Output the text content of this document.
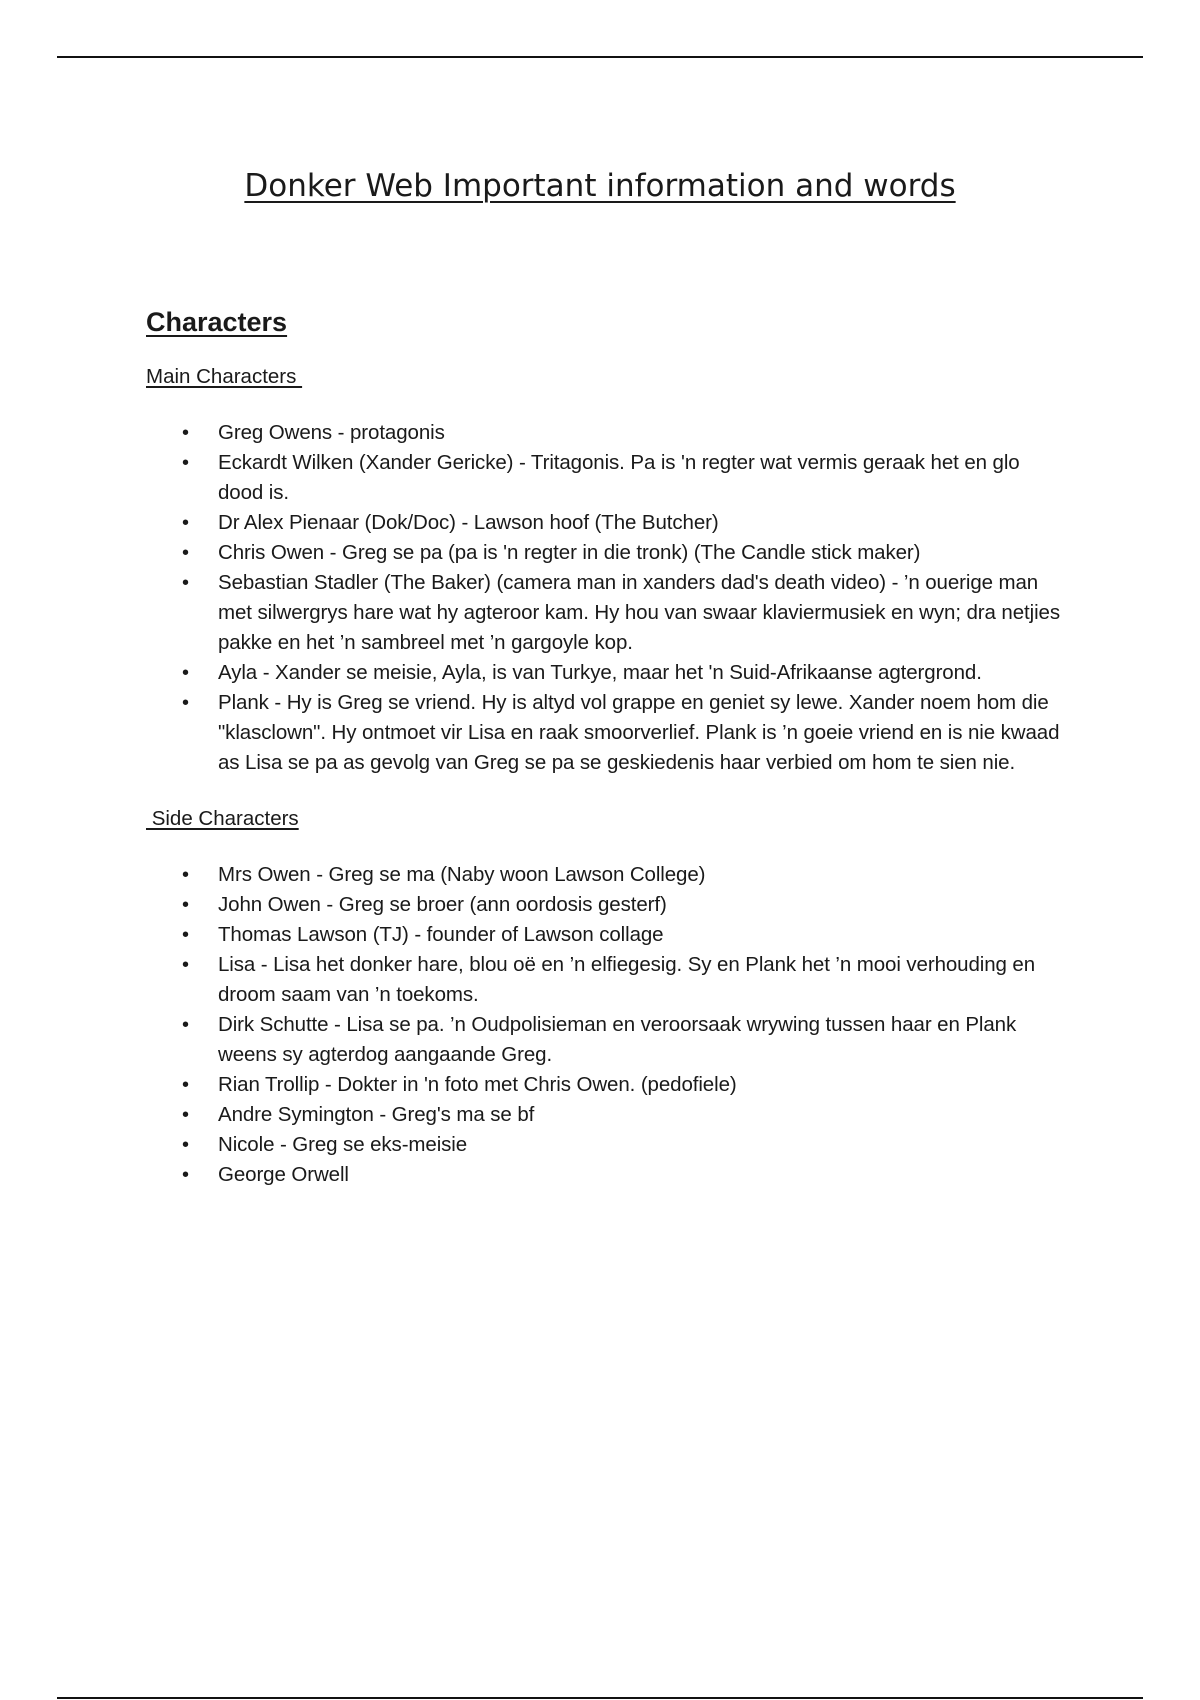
Donker Web Important information and words
Characters

Main Characters

• Greg Owens - protagonis
• Eckardt Wilken (Xander Gericke) - Tritagonis. Pa is 'n regter wat vermis geraak het en glo dood is.
• Dr Alex Pienaar (Dok/Doc) - Lawson hoof (The Butcher)
• Chris Owen - Greg se pa (pa is 'n regter in die tronk) (The Candle stick maker)
• Sebastian Stadler (The Baker) (camera man in xanders dad's death video) - ’n ouerige man met silwergrys hare wat hy agteroor kam. Hy hou van swaar klaviermusiek en wyn; dra netjies pakke en het ’n sambreel met ’n gargoyle kop.
• Ayla - Xander se meisie, Ayla, is van Turkye, maar het 'n Suid-Afrikaanse agtergrond.
• Plank - Hy is Greg se vriend. Hy is altyd vol grappe en geniet sy lewe. Xander noem hom die "klasclown". Hy ontmoet vir Lisa en raak smoorverlief. Plank is ’n goeie vriend en is nie kwaad as Lisa se pa as gevolg van Greg se pa se geskiedenis haar verbied om hom te sien nie.

Side Characters

• Mrs Owen - Greg se ma (Naby woon Lawson College)
• John Owen - Greg se broer (ann oordosis gesterf)
• Thomas Lawson (TJ) - founder of Lawson collage
• Lisa - Lisa het donker hare, blou oë en ’n elfiegesig. Sy en Plank het ’n mooi verhouding en droom saam van ’n toekoms.
• Dirk Schutte - Lisa se pa. ’n Oudpolisieman en veroorsaak wrywing tussen haar en Plank weens sy agterdog aangaande Greg.
• Rian Trollip - Dokter in 'n foto met Chris Owen. (pedofiele)
• Andre Symington - Greg's ma se bf
• Nicole - Greg se eks-meisie
• George Orwell
